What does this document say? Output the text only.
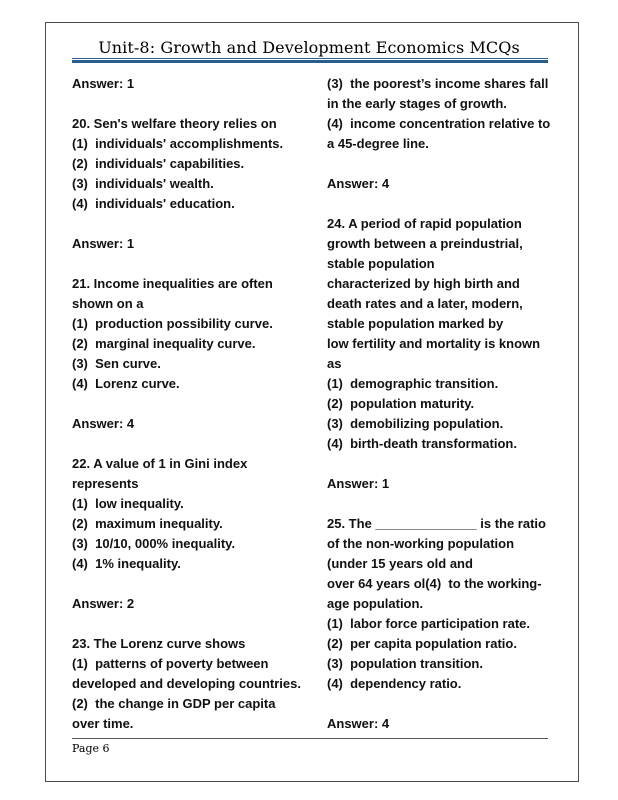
Unit-8: Growth and Development Economics MCQs
Answer: 1
20. Sen's welfare theory relies on
(1)  individuals' accomplishments.
(2)  individuals' capabilities.
(3)  individuals' wealth.
(4)  individuals' education.
Answer: 1
21. Income inequalities are often
shown on a
(1)  production possibility curve.
(2)  marginal inequality curve.
(3)  Sen curve.
(4)  Lorenz curve.
Answer: 4
22. A value of 1 in Gini index
represents
(1)  low inequality.
(2)  maximum inequality.
(3)  10/10, 000% inequality.
(4)  1% inequality.
Answer: 2
23. The Lorenz curve shows
(1)  patterns of poverty between
developed and developing countries.
(2)  the change in GDP per capita
over time.
(3)  the poorest’s income shares fall
in the early stages of growth.
(4)  income concentration relative to
a 45-degree line.
Answer: 4
24. A period of rapid population
growth between a preindustrial,
stable population
characterized by high birth and
death rates and a later, modern,
stable population marked by
low fertility and mortality is known
as
(1)  demographic transition.
(2)  population maturity.
(3)  demobilizing population.
(4)  birth-death transformation.
Answer: 1
25. The ______________ is the ratio
of the non-working population
(under 15 years old and
over 64 years ol(4)  to the working-
age population.
(1)  labor force participation rate.
(2)  per capita population ratio.
(3)  population transition.
(4)  dependency ratio.
Answer: 4
Page 6
